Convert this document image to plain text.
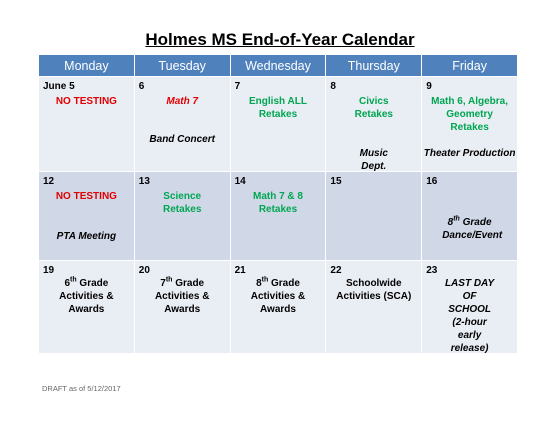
Holmes MS End-of-Year Calendar
Monday	Tuesday	Wednesday	Thursday	Friday

June 5
NO TESTING	6
Math 7
Band Concert	7
English ALL Retakes	8
Civics Retakes
Music Dept.	9
Math 6, Algebra, Geometry Retakes
Theater Production

12
NO TESTING
PTA Meeting	13
Science Retakes	14
Math 7 & 8 Retakes	15	16
8th Grade Dance/Event

19
6th Grade Activities & Awards	20
7th Grade Activities & Awards	21
8th Grade Activities & Awards	22
Schoolwide Activities (SCA)	23
LAST DAY OF SCHOOL (2-hour early release)
DRAFT as of 5/12/2017
